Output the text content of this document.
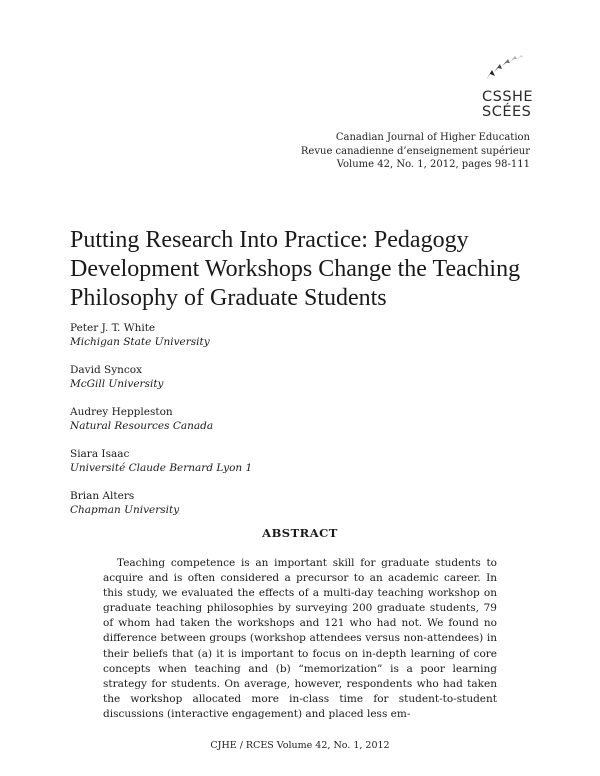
CSSHE
SCÉES
Canadian Journal of Higher Education
Revue canadienne d’enseignement supérieur
Volume 42, No. 1, 2012, pages 98-111
Putting Research Into Practice: Pedagogy Development Workshops Change the Teaching Philosophy of Graduate Students
Peter J. T. White
Michigan State University
David Syncox
McGill University
Audrey Heppleston
Natural Resources Canada
Siara Isaac
Université Claude Bernard Lyon 1
Brian Alters
Chapman University
ABSTRACT

Teaching competence is an important skill for graduate students to acquire and is often considered a precursor to an academic career. In this study, we evaluated the effects of a multi-day teaching workshop on graduate teaching philosophies by surveying 200 graduate students, 79 of whom had taken the workshops and 121 who had not. We found no difference between groups (workshop attendees versus non-attendees) in their beliefs that (a) it is important to focus on in-depth learning of core concepts when teaching and (b) “memorization” is a poor learning strategy for students. On average, however, respondents who had taken the workshop allocated more in-class time for student-to-student discussions (interactive engagement) and placed less em-

CJHE / RCES Volume 42, No. 1, 2012
